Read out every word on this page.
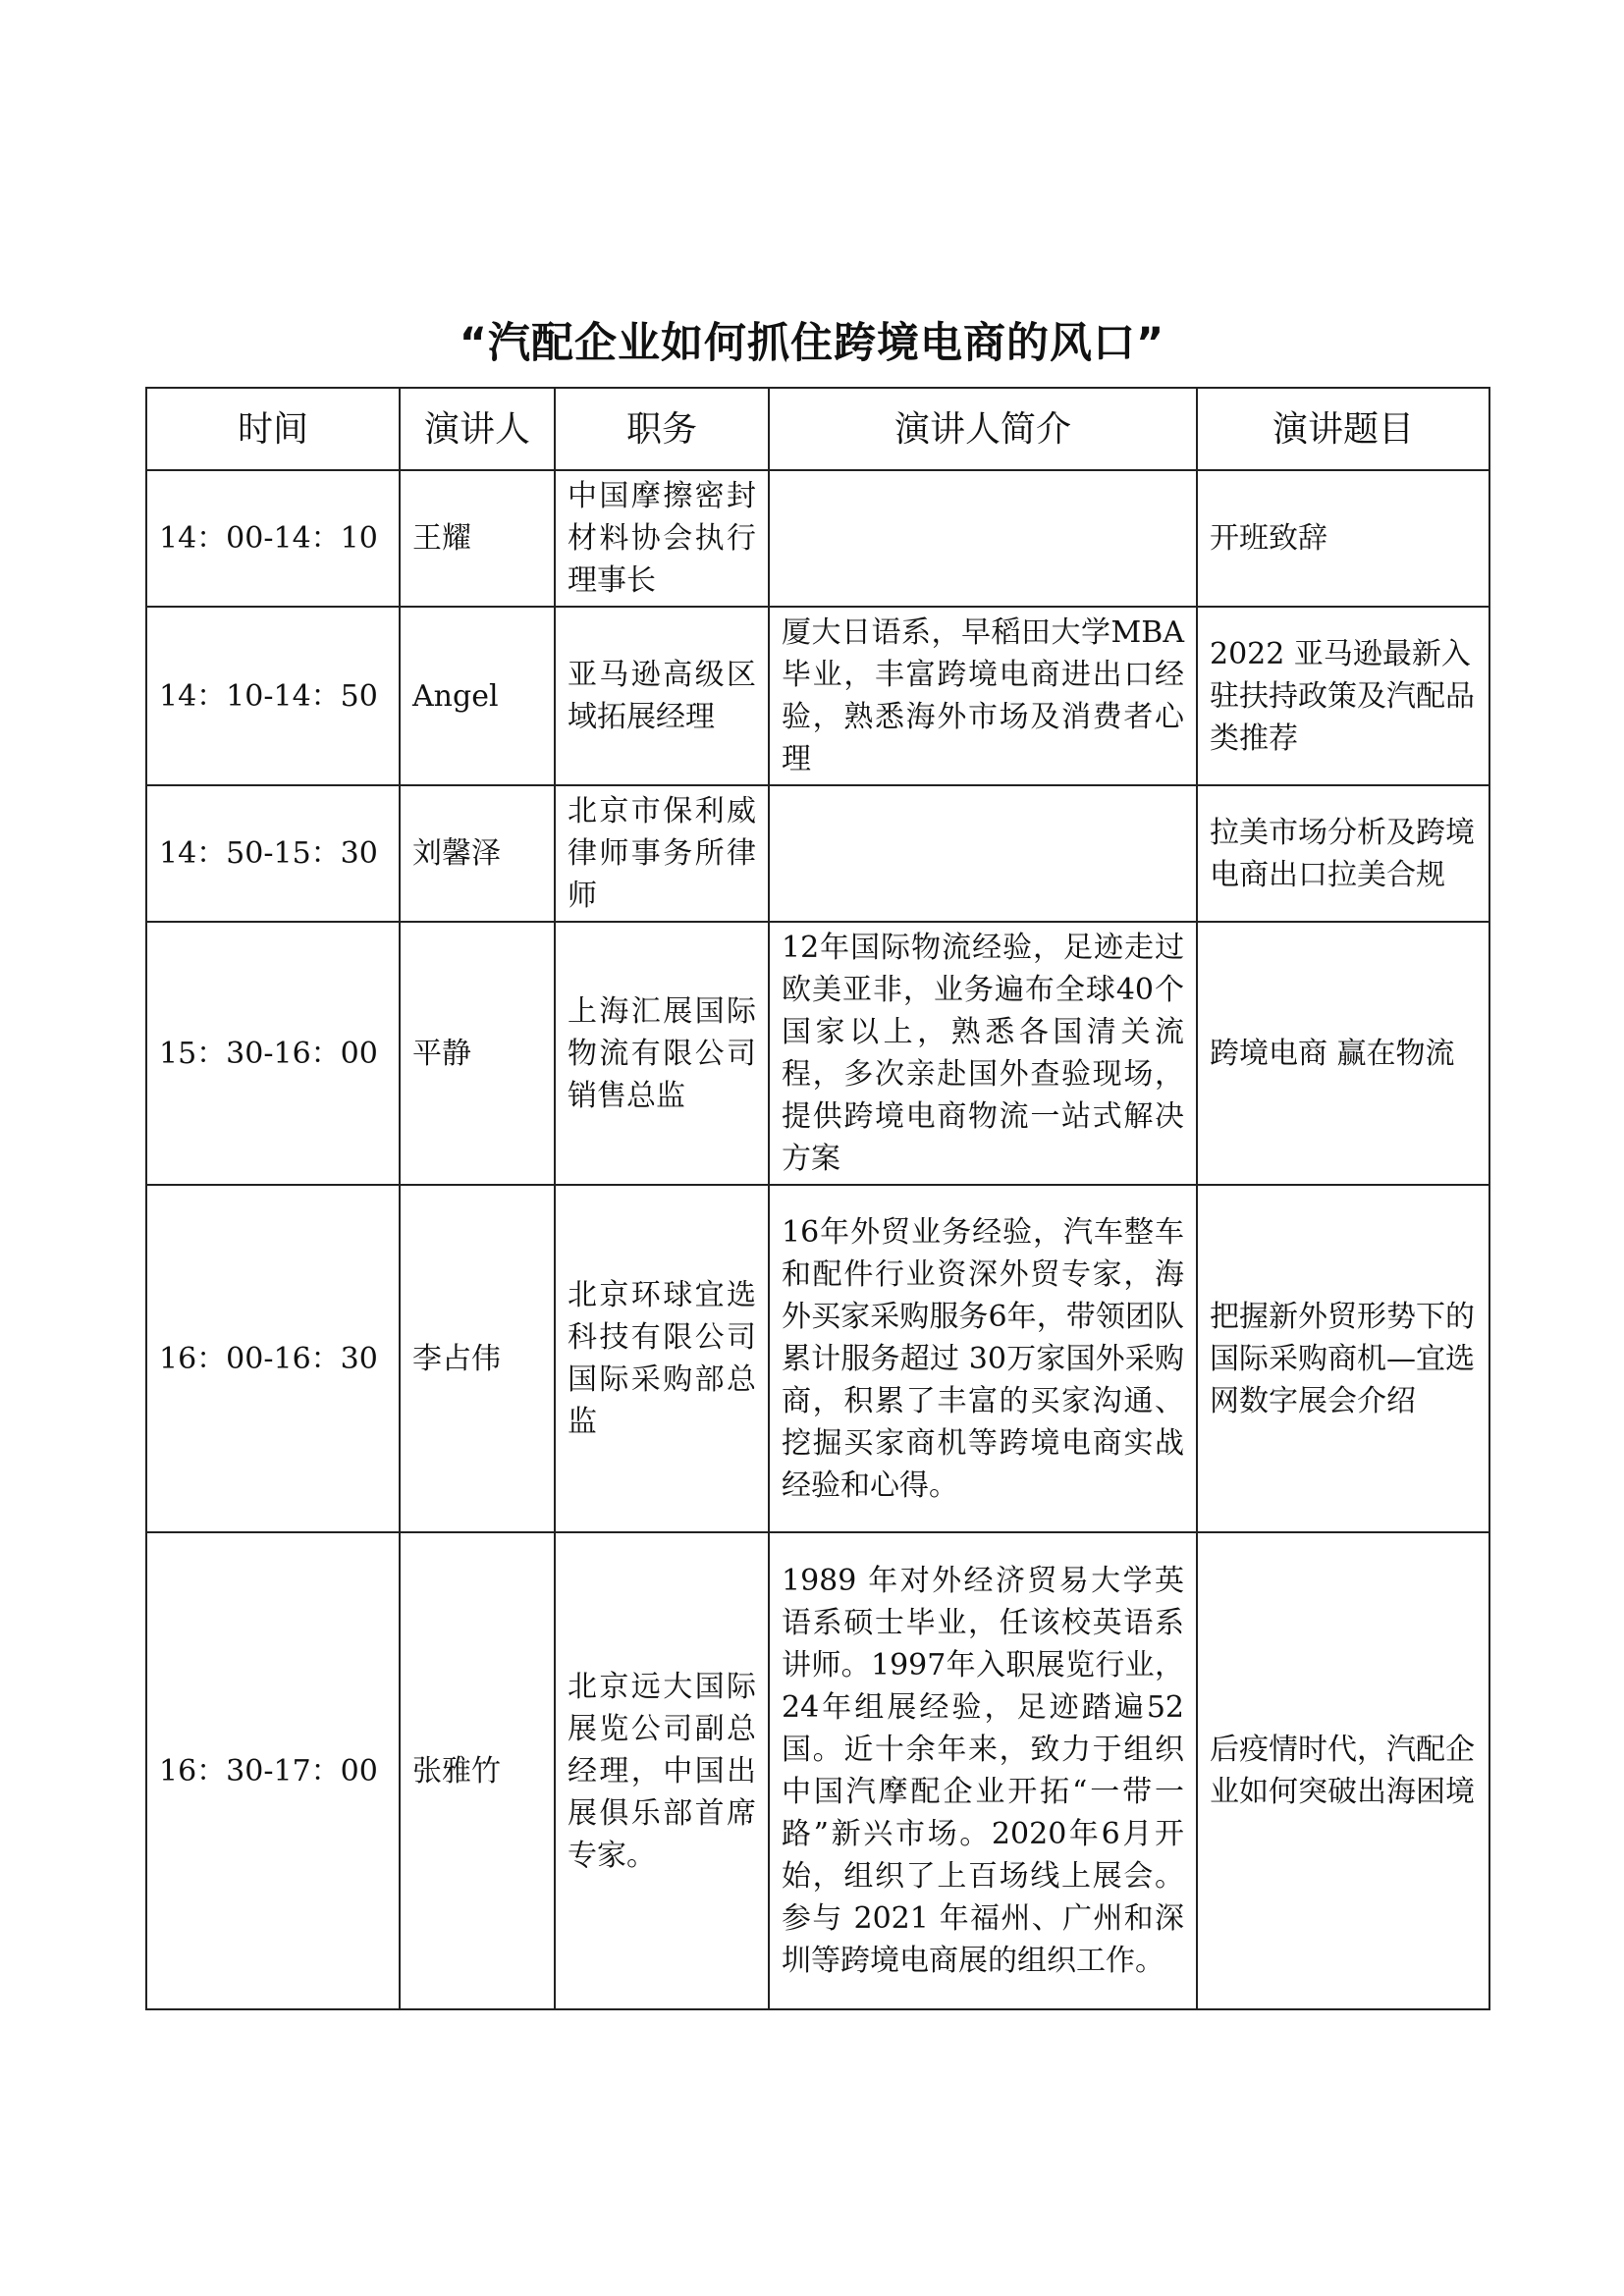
“汽配企业如何抓住跨境电商的风口”
时间	演讲人	职务	演讲人简介	演讲题目
14：00-14：10	王耀	中国摩擦密封材料协会执行理事长		开班致辞
14：10-14：50	Angel	亚马逊高级区域拓展经理	厦大日语系，早稻田大学MBA 毕业，丰富跨境电商进出口经验，熟悉海外市场及消费者心理	2022 亚马逊最新入驻扶持政策及汽配品类推荐
14：50-15：30	刘馨泽	北京市保利威律师事务所律师		拉美市场分析及跨境电商出口拉美合规
15：30-16：00	平静	上海汇展国际物流有限公司销售总监	12年国际物流经验，足迹走过欧美亚非，业务遍布全球40个国家以上，熟悉各国清关流程，多次亲赴国外查验现场，提供跨境电商物流一站式解决方案	跨境电商 赢在物流
16：00-16：30	李占伟	北京环球宜选科技有限公司国际采购部总监	16年外贸业务经验，汽车整车和配件行业资深外贸专家，海外买家采购服务6年，带领团队累计服务超过 30万家国外采购商，积累了丰富的买家沟通、挖掘买家商机等跨境电商实战经验和心得。	把握新外贸形势下的国际采购商机—宜选网数字展会介绍
16：30-17：00	张雅竹	北京远大国际展览公司副总经理，中国出展俱乐部首席专家。	1989 年对外经济贸易大学英语系硕士毕业，任该校英语系讲师。1997年入职展览行业，24年组展经验，足迹踏遍52国。近十余年来，致力于组织中国汽摩配企业开拓“一带一路”新兴市场。2020年6月开始，组织了上百场线上展会。参与 2021 年福州、广州和深圳等跨境电商展的组织工作。	后疫情时代，汽配企业如何突破出海困境
